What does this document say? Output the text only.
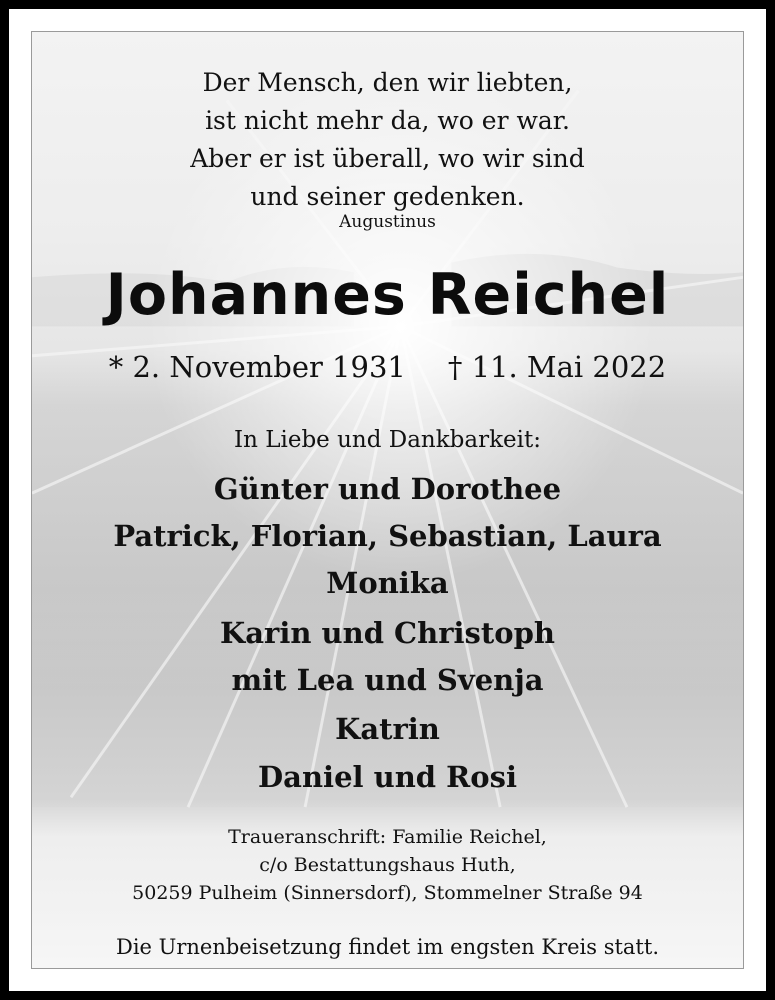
Der Mensch, den wir liebten,
ist nicht mehr da, wo er war.
Aber er ist überall, wo wir sind
und seiner gedenken.
Augustinus
Johannes Reichel
* 2. November 1931 † 11. Mai 2022
In Liebe und Dankbarkeit:
Günter und Dorothee
Patrick, Florian, Sebastian, Laura
Monika
Karin und Christoph
mit Lea und Svenja
Katrin
Daniel und Rosi
Traueranschrift: Familie Reichel,
c/o Bestattungshaus Huth,
50259 Pulheim (Sinnersdorf), Stommelner Straße 94
Die Urnenbeisetzung findet im engsten Kreis statt.
